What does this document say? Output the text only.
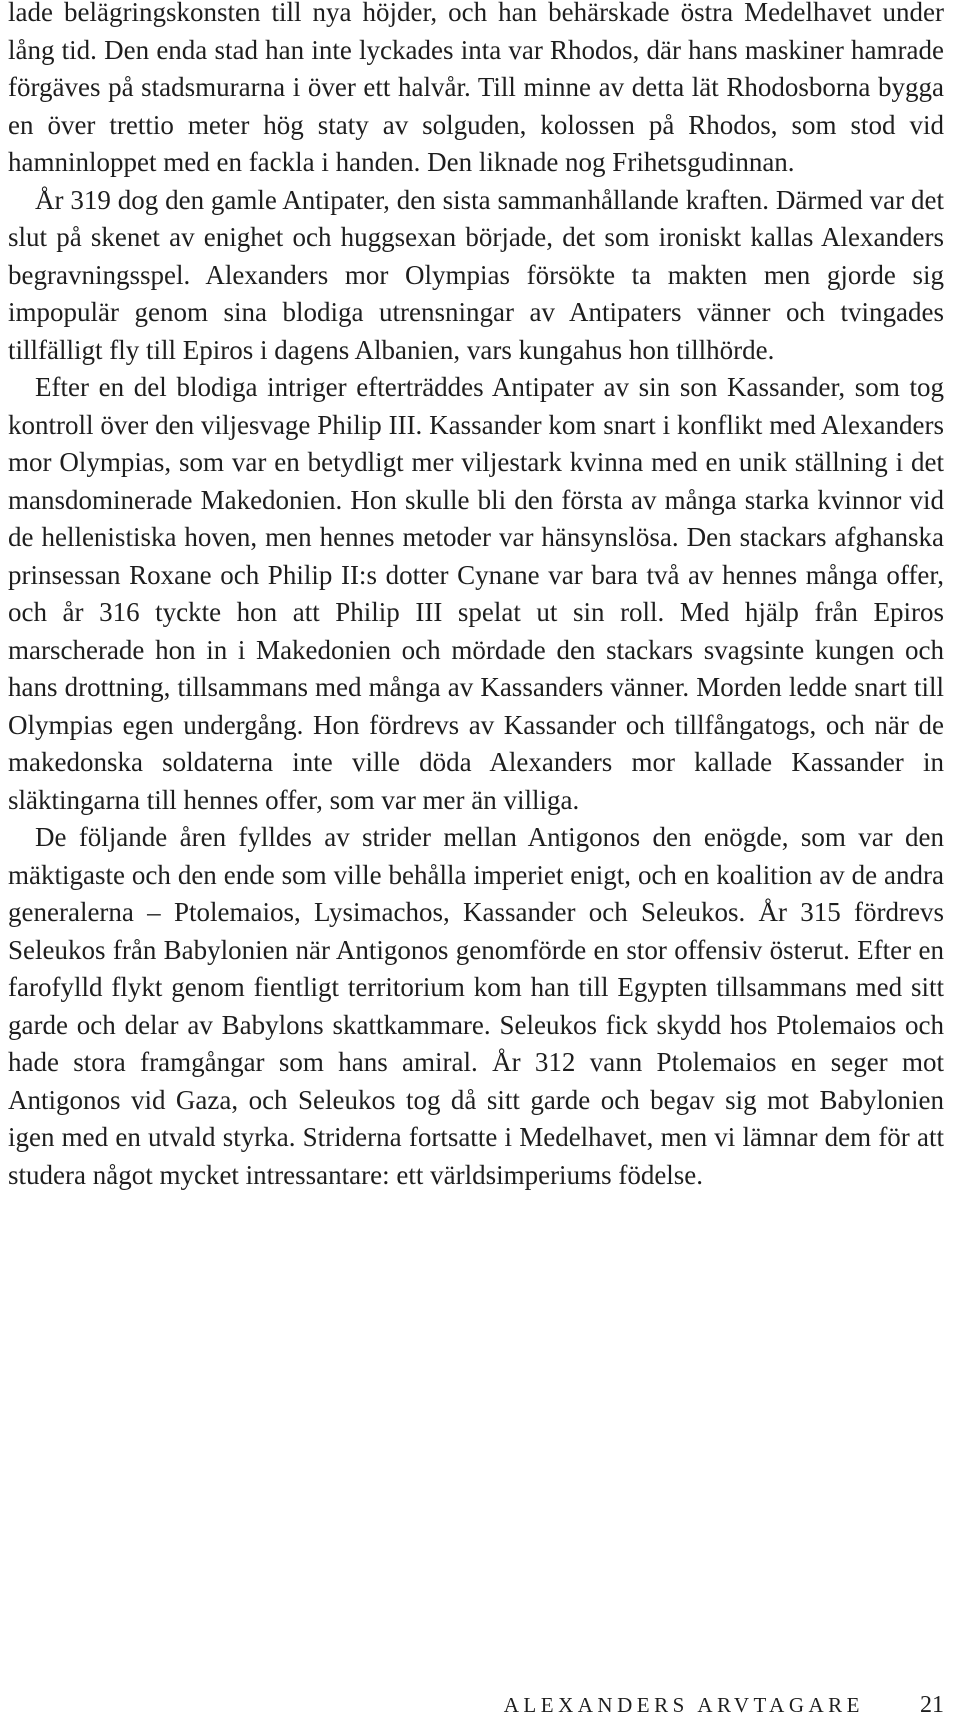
lade belägringskonsten till nya höjder, och han behärskade östra Medelhavet under lång tid. Den enda stad han inte lyckades inta var Rhodos, där hans maskiner hamrade förgäves på stadsmurarna i över ett halvår. Till minne av detta lät Rhodosborna bygga en över trettio meter hög staty av solguden, kolossen på Rhodos, som stod vid hamninloppet med en fackla i handen. Den liknade nog Frihetsgudinnan.

År 319 dog den gamle Antipater, den sista sammanhållande kraften. Därmed var det slut på skenet av enighet och huggsexan började, det som ironiskt kallas Alexanders begravningsspel. Alexanders mor Olympias försökte ta makten men gjorde sig impopulär genom sina blodiga utrensningar av Antipaters vänner och tvingades tillfälligt fly till Epiros i dagens Albanien, vars kungahus hon tillhörde.

Efter en del blodiga intriger efterträddes Antipater av sin son Kassander, som tog kontroll över den viljesvage Philip III. Kassander kom snart i konflikt med Alexanders mor Olympias, som var en betydligt mer viljestark kvinna med en unik ställning i det mansdominerade Makedonien. Hon skulle bli den första av många starka kvinnor vid de hellenistiska hoven, men hennes metoder var hänsynslösa. Den stackars afghanska prinsessan Roxane och Philip II:s dotter Cynane var bara två av hennes många offer, och år 316 tyckte hon att Philip III spelat ut sin roll. Med hjälp från Epiros marscherade hon in i Makedonien och mördade den stackars svagsinte kungen och hans drottning, tillsammans med många av Kassanders vänner. Morden ledde snart till Olympias egen undergång. Hon fördrevs av Kassander och tillfångatogs, och när de makedonska soldaterna inte ville döda Alexanders mor kallade Kassander in släktingarna till hennes offer, som var mer än villiga.

De följande åren fylldes av strider mellan Antigonos den enögde, som var den mäktigaste och den ende som ville behålla imperiet enigt, och en koalition av de andra generalerna – Ptolemaios, Lysimachos, Kassander och Seleukos. År 315 fördrevs Seleukos från Babylonien när Antigonos genomförde en stor offensiv österut. Efter en farofylld flykt genom fientligt territorium kom han till Egypten tillsammans med sitt garde och delar av Babylons skattkammare. Seleukos fick skydd hos Ptolemaios och hade stora framgångar som hans amiral. År 312 vann Ptolemaios en seger mot Antigonos vid Gaza, och Seleukos tog då sitt garde och begav sig mot Babylonien igen med en utvald styrka. Striderna fortsatte i Medelhavet, men vi lämnar dem för att studera något mycket intressantare: ett världsimperiums födelse.

ALEXANDERS ARVTAGARE 21
